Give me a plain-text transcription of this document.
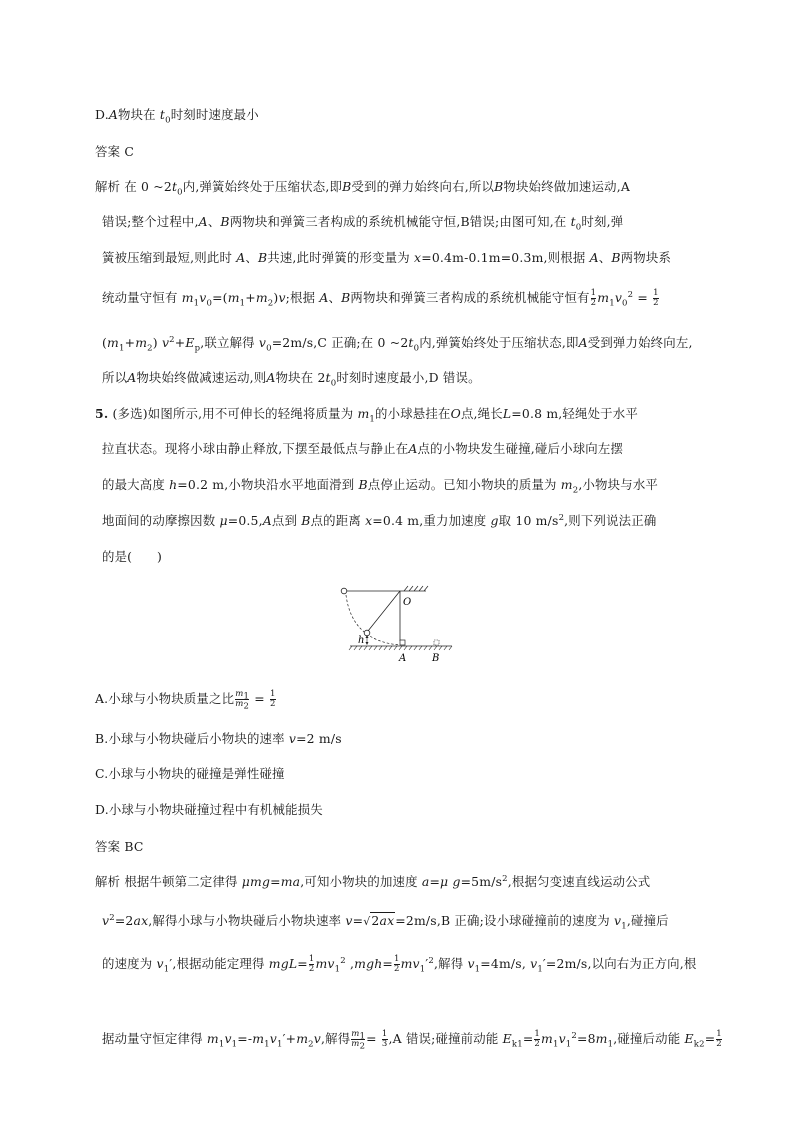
D.A物块在 $t_0$时刻时速度最小
答案 C
解析 在 0 $\sim 2t_0$内,弹簧始终处于压缩状态,即B受到的弹力始终向右,所以B物块始终做加速运动,A
错误;整个过程中,A、B两物块和弹簧三者构成的系统机械能守恒,B错误;由图可知,在 $t_0$时刻,弹
簧被压缩到最短,则此时 A、B共速,此时弹簧的形变量为 x=0.4m-0.1m=0.3m,则根据 A、B两物块系
统动量守恒有 $m_1v_0=(m_1+m_2)v$;根据 A、B两物块和弹簧三者构成的系统机械能守恒有 $\frac{1}{2} m_1v_0^2 = \frac{1}{2}$
$(m_1+m_2)$ $v^2+E_p$,联立解得 $v_0=2m/s,C$ 正确;在 0 $\sim 2t_0$内,弹簧始终处于压缩状态,即A受到弹力始终向左,
所以A物块始终做减速运动,则A物块在 $2t_0$时刻时速度最小,D 错误。
5. (多选)如图所示,用不可伸长的轻绳将质量为 $m_1$的小球悬挂在O点,绳长L=0.8 m,轻绳处于水平
拉直状态。现将小球由静止释放,下摆至最低点与静止在A点的小物块发生碰撞,碰后小球向左摆
的最大高度 h=0.2 m,小物块沿水平地面滑到 B点停止运动。已知小物块的质量为 $m_2$,小物块与水平
地面间的动摩擦因数 μ=0.5,A点到 B点的距离 x=0.4 m,重力加速度 g取 10 $m/s^2$,则下列说法正确
的是(      )
h
O
A	B
A.小球与小物块质量之比 $\frac{m_1}{m_2} = \frac{1}{2}$
B.小球与小物块碰后小物块的速率 v=2 m/s
C.小球与小物块的碰撞是弹性碰撞
D.小球与小物块碰撞过程中有机械能损失
答案 BC
解析 根据牛顿第二定律得 μmg=ma,可知小物块的加速度 a=μ $g=5m/s^2$,根据匀变速直线运动公式
$v^2=2ax$,解得小球与小物块碰后小物块速率 v=√2ax=2m/s,B 正确;设小球碰撞前的速度为 $v_1$,碰撞后
的速度为 $v_1'$,根据动能定理得 $mgL= \frac{1}{2} mv_1^2$ $,mgh= \frac{1}{2} mv_1'^2$,解得 $v_1=4m/s$, $v_1'=2m/s$,以向右为正方向,根
据动量守恒定律得 $m_1v_1=-m_1v_1'+m_2v$,解得 $\frac{m_1}{m_2} = \frac{1}{3} ,A$ 错误;碰撞前动能 $E_{k1}= \frac{1}{2} m_1v_1^2=8m_1$,碰撞后动能 $E_{k2}= \frac{1}{2}$
